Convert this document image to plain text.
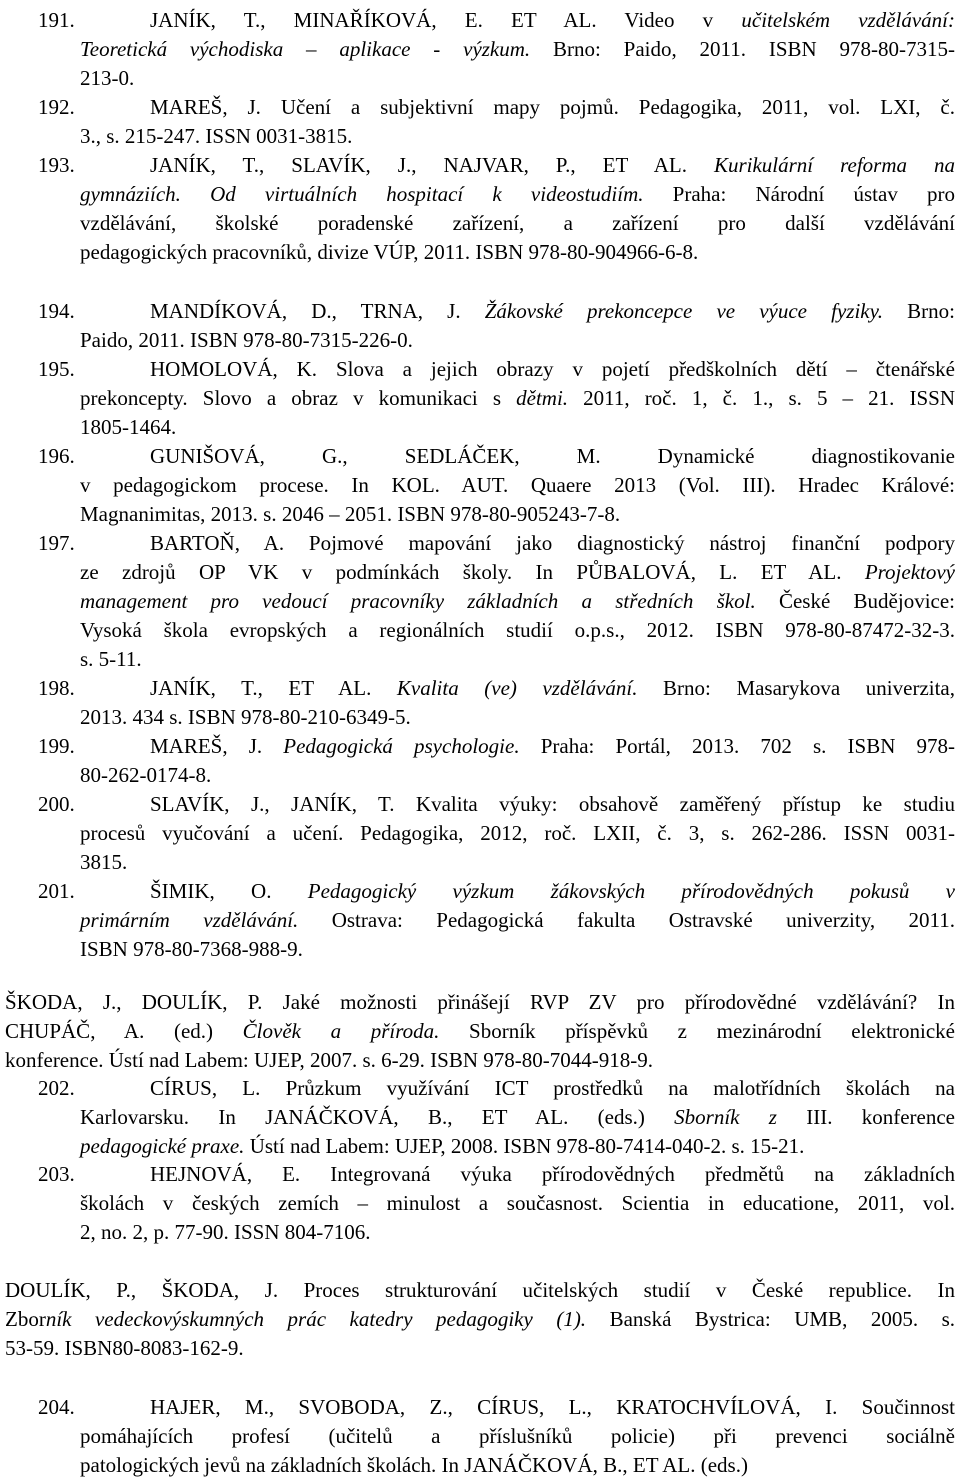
191.	JANÍK, T., MINAŘÍKOVÁ, E. ET AL. Video v učitelském vzdělávání:
Teoretická východiska – aplikace - výzkum. Brno: Paido, 2011. ISBN 978-80-7315-
213-0.
192.	MAREŠ, J. Učení a subjektivní mapy pojmů. Pedagogika, 2011, vol. LXI, č.
3., s. 215-247. ISSN 0031-3815.
193.	JANÍK, T., SLAVÍK, J., NAJVAR, P., ET AL. Kurikulární reforma na
gymnáziích. Od virtuálních hospitací k videostudiím. Praha: Národní ústav pro
vzdělávání, školské poradenské zařízení, a zařízení pro další vzdělávání
pedagogických pracovníků, divize VÚP, 2011. ISBN 978-80-904966-6-8.
194.	MANDÍKOVÁ, D., TRNA, J. Žákovské prekoncepce ve výuce fyziky. Brno:
Paido, 2011. ISBN 978-80-7315-226-0.
195.	HOMOLOVÁ, K. Slova a jejich obrazy v pojetí předškolních dětí – čtenářské
prekoncepty. Slovo a obraz v komunikaci s dětmi. 2011, roč. 1, č. 1., s. 5 – 21. ISSN
1805-1464.
196.	GUNIŠOVÁ, G., SEDLÁČEK, M. Dynamické diagnostikovanie
v pedagogickom procese. In KOL. AUT. Quaere 2013 (Vol. III). Hradec Králové:
Magnanimitas, 2013. s. 2046 – 2051. ISBN 978-80-905243-7-8.
197.	BARTOŇ, A. Pojmové mapování jako diagnostický nástroj finanční podpory
ze zdrojů OP VK v podmínkách školy. In PŮBALOVÁ, L. ET AL. Projektový
management pro vedoucí pracovníky základních a středních škol. České Budějovice:
Vysoká škola evropských a regionálních studií o.p.s., 2012. ISBN 978-80-87472-32-3.
s. 5-11.
198.	JANÍK, T., ET AL. Kvalita (ve) vzdělávání. Brno: Masarykova univerzita,
2013. 434 s. ISBN 978-80-210-6349-5.
199.	MAREŠ, J. Pedagogická psychologie. Praha: Portál, 2013. 702 s. ISBN 978-
80-262-0174-8.
200.	SLAVÍK, J., JANÍK, T. Kvalita výuky: obsahově zaměřený přístup ke studiu
procesů vyučování a učení. Pedagogika, 2012, roč. LXII, č. 3, s. 262-286. ISSN 0031-
3815.
201.	ŠIMIK, O. Pedagogický výzkum žákovských přírodovědných pokusů v
primárním vzdělávání. Ostrava: Pedagogická fakulta Ostravské univerzity, 2011.
ISBN 978-80-7368-988-9.
ŠKODA, J., DOULÍK, P. Jaké možnosti přinášejí RVP ZV pro přírodovědné vzdělávání? In
CHUPÁČ, A. (ed.) Člověk a příroda. Sborník příspěvků z mezinárodní elektronické
konference. Ústí nad Labem: UJEP, 2007. s. 6-29. ISBN 978-80-7044-918-9.
202.	CÍRUS, L. Průzkum využívání ICT prostředků na malotřídních školách na
Karlovarsku. In JANÁČKOVÁ, B., ET AL. (eds.) Sborník z III. konference
pedagogické praxe. Ústí nad Labem: UJEP, 2008. ISBN 978-80-7414-040-2. s. 15-21.
203.	HEJNOVÁ, E. Integrovaná výuka přírodovědných předmětů na základních
školách v českých zemích – minulost a současnost. Scientia in educatione, 2011, vol.
2, no. 2, p. 77-90. ISSN 804-7106.
DOULÍK, P., ŠKODA, J. Proces strukturování učitelských studií v České republice. In
Zborník vedeckovýskumných prác katedry pedagogiky (1). Banská Bystrica: UMB, 2005. s.
53-59. ISBN80-8083-162-9.
204.	HAJER, M., SVOBODA, Z., CÍRUS, L., KRATOCHVÍLOVÁ, I. Součinnost
pomáhajících profesí (učitelů a příslušníků policie) při prevenci sociálně
patologických jevů na základních školách. In JANÁČKOVÁ, B., ET AL. (eds.)
